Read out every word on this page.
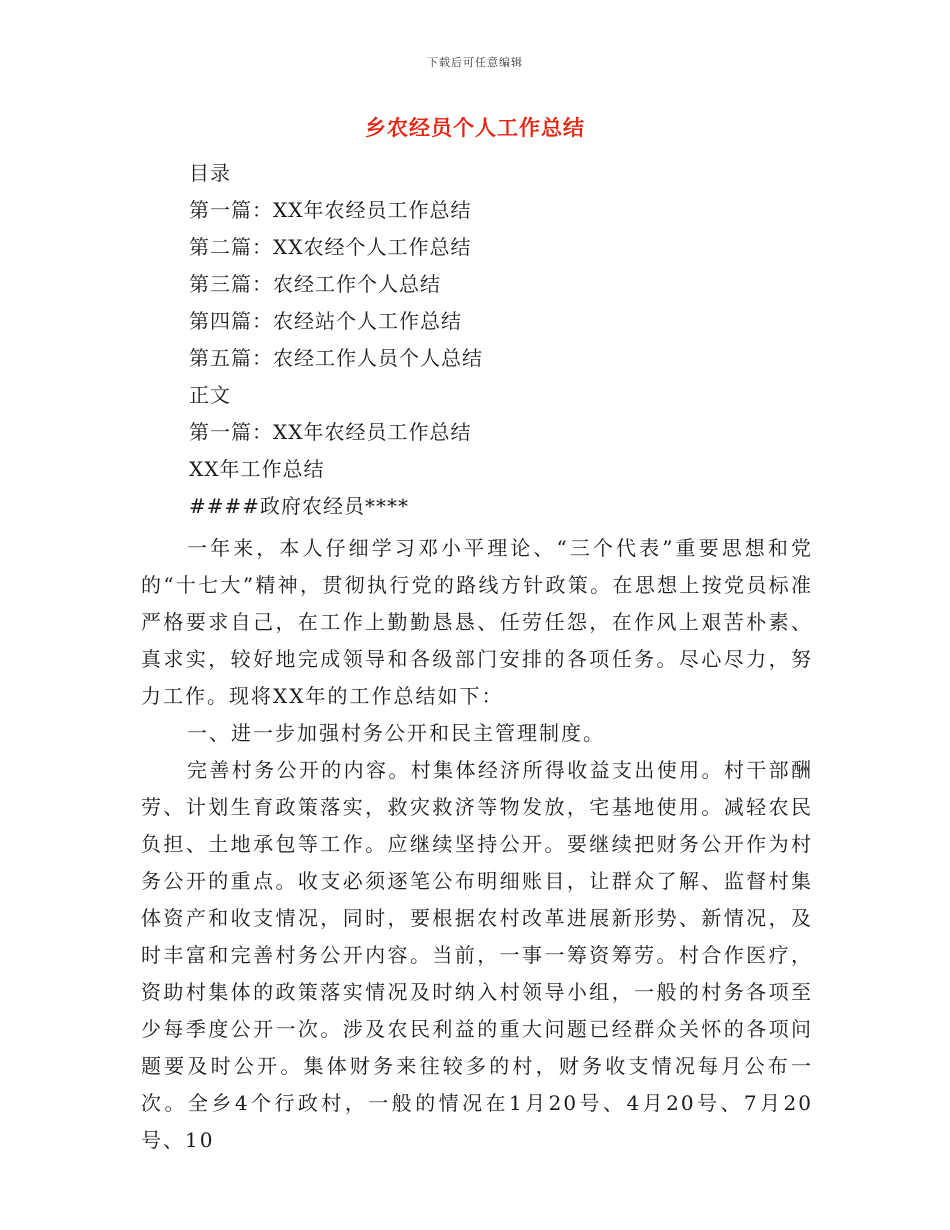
下载后可任意编辑
乡农经员个人工作总结
目录
第一篇：XX年农经员工作总结
第二篇：XX农经个人工作总结
第三篇：农经工作个人总结
第四篇：农经站个人工作总结
第五篇：农经工作人员个人总结
正文
第一篇：XX年农经员工作总结
XX年工作总结
####政府农经员****

一年来，本人仔细学习邓小平理论、“三个代表”重要思想和党的“十七大”精神，贯彻执行党的路线方针政策。在思想上按党员标准严格要求自己，在工作上勤勤恳恳、任劳任怨，在作风上艰苦朴素、真求实，较好地完成领导和各级部门安排的各项任务。尽心尽力，努力工作。现将XX年的工作总结如下：

一、进一步加强村务公开和民主管理制度。

完善村务公开的内容。村集体经济所得收益支出使用。村干部酬劳、计划生育政策落实，救灾救济等物发放，宅基地使用。减轻农民负担、土地承包等工作。应继续坚持公开。要继续把财务公开作为村务公开的重点。收支必须逐笔公布明细账目，让群众了解、监督村集体资产和收支情况，同时，要根据农村改革进展新形势、新情况，及时丰富和完善村务公开内容。当前，一事一筹资筹劳。村合作医疗，资助村集体的政策落实情况及时纳入村领导小组，一般的村务各项至少每季度公开一次。涉及农民利益的重大问题已经群众关怀的各项问题要及时公开。集体财务来往较多的村，财务收支情况每月公布一次。全乡4个行政村，一般的情况在1月20号、4月20号、7月20号、10
